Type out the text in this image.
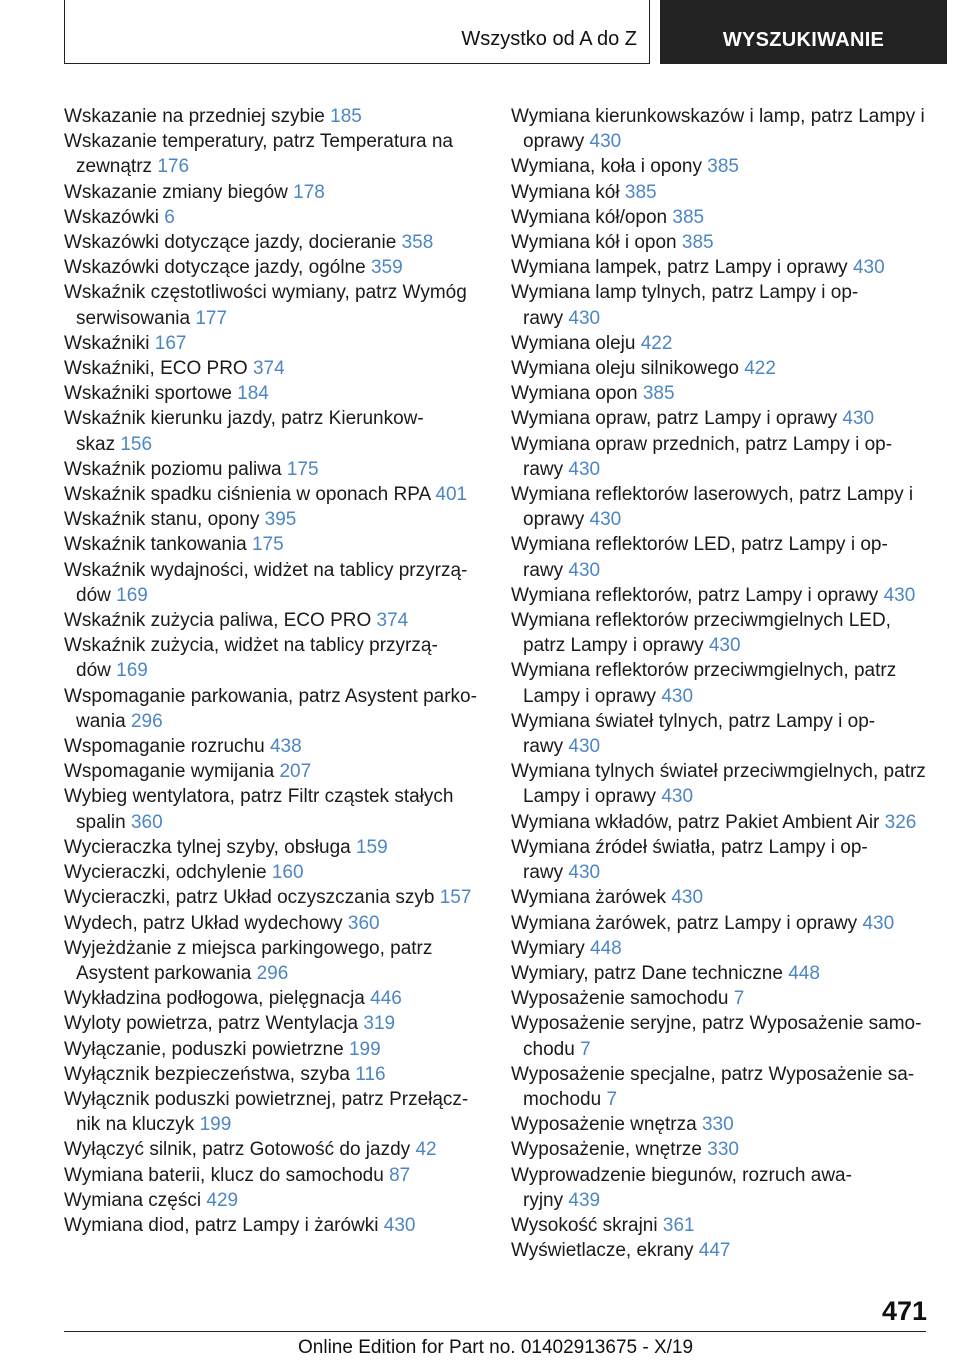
Wszystko od A do Z	WYSZUKIWANIE
Wskazanie na przedniej szybie 185
Wskazanie temperatury, patrz Temperatura na
zewnątrz 176
Wskazanie zmiany biegów 178
Wskazówki 6
Wskazówki dotyczące jazdy, docieranie 358
Wskazówki dotyczące jazdy, ogólne 359
Wskaźnik częstotliwości wymiany, patrz Wymóg
serwisowania 177
Wskaźniki 167
Wskaźniki, ECO PRO 374
Wskaźniki sportowe 184
Wskaźnik kierunku jazdy, patrz Kierunkow-
skaz 156
Wskaźnik poziomu paliwa 175
Wskaźnik spadku ciśnienia w oponach RPA 401
Wskaźnik stanu, opony 395
Wskaźnik tankowania 175
Wskaźnik wydajności, widżet na tablicy przyrzą-
dów 169
Wskaźnik zużycia paliwa, ECO PRO 374
Wskaźnik zużycia, widżet na tablicy przyrzą-
dów 169
Wspomaganie parkowania, patrz Asystent parko-
wania 296
Wspomaganie rozruchu 438
Wspomaganie wymijania 207
Wybieg wentylatora, patrz Filtr cząstek stałych
spalin 360
Wycieraczka tylnej szyby, obsługa 159
Wycieraczki, odchylenie 160
Wycieraczki, patrz Układ oczyszczania szyb 157
Wydech, patrz Układ wydechowy 360
Wyjeżdżanie z miejsca parkingowego, patrz
Asystent parkowania 296
Wykładzina podłogowa, pielęgnacja 446
Wyloty powietrza, patrz Wentylacja 319
Wyłączanie, poduszki powietrzne 199
Wyłącznik bezpieczeństwa, szyba 116
Wyłącznik poduszki powietrznej, patrz Przełącz-
nik na kluczyk 199
Wyłączyć silnik, patrz Gotowość do jazdy 42
Wymiana baterii, klucz do samochodu 87
Wymiana części 429
Wymiana diod, patrz Lampy i żarówki 430
Wymiana kierunkowskazów i lamp, patrz Lampy i
oprawy 430
Wymiana, koła i opony 385
Wymiana kół 385
Wymiana kół/opon 385
Wymiana kół i opon 385
Wymiana lampek, patrz Lampy i oprawy 430
Wymiana lamp tylnych, patrz Lampy i op-
rawy 430
Wymiana oleju 422
Wymiana oleju silnikowego 422
Wymiana opon 385
Wymiana opraw, patrz Lampy i oprawy 430
Wymiana opraw przednich, patrz Lampy i op-
rawy 430
Wymiana reflektorów laserowych, patrz Lampy i
oprawy 430
Wymiana reflektorów LED, patrz Lampy i op-
rawy 430
Wymiana reflektorów, patrz Lampy i oprawy 430
Wymiana reflektorów przeciwmgielnych LED,
patrz Lampy i oprawy 430
Wymiana reflektorów przeciwmgielnych, patrz
Lampy i oprawy 430
Wymiana świateł tylnych, patrz Lampy i op-
rawy 430
Wymiana tylnych świateł przeciwmgielnych, patrz
Lampy i oprawy 430
Wymiana wkładów, patrz Pakiet Ambient Air 326
Wymiana źródeł światła, patrz Lampy i op-
rawy 430
Wymiana żarówek 430
Wymiana żarówek, patrz Lampy i oprawy 430
Wymiary 448
Wymiary, patrz Dane techniczne 448
Wyposażenie samochodu 7
Wyposażenie seryjne, patrz Wyposażenie samo-
chodu 7
Wyposażenie specjalne, patrz Wyposażenie sa-
mochodu 7
Wyposażenie wnętrza 330
Wyposażenie, wnętrze 330
Wyprowadzenie biegunów, rozruch awa-
ryjny 439
Wysokość skrajni 361
Wyświetlacze, ekrany 447
471
Online Edition for Part no. 01402913675 - X/19
